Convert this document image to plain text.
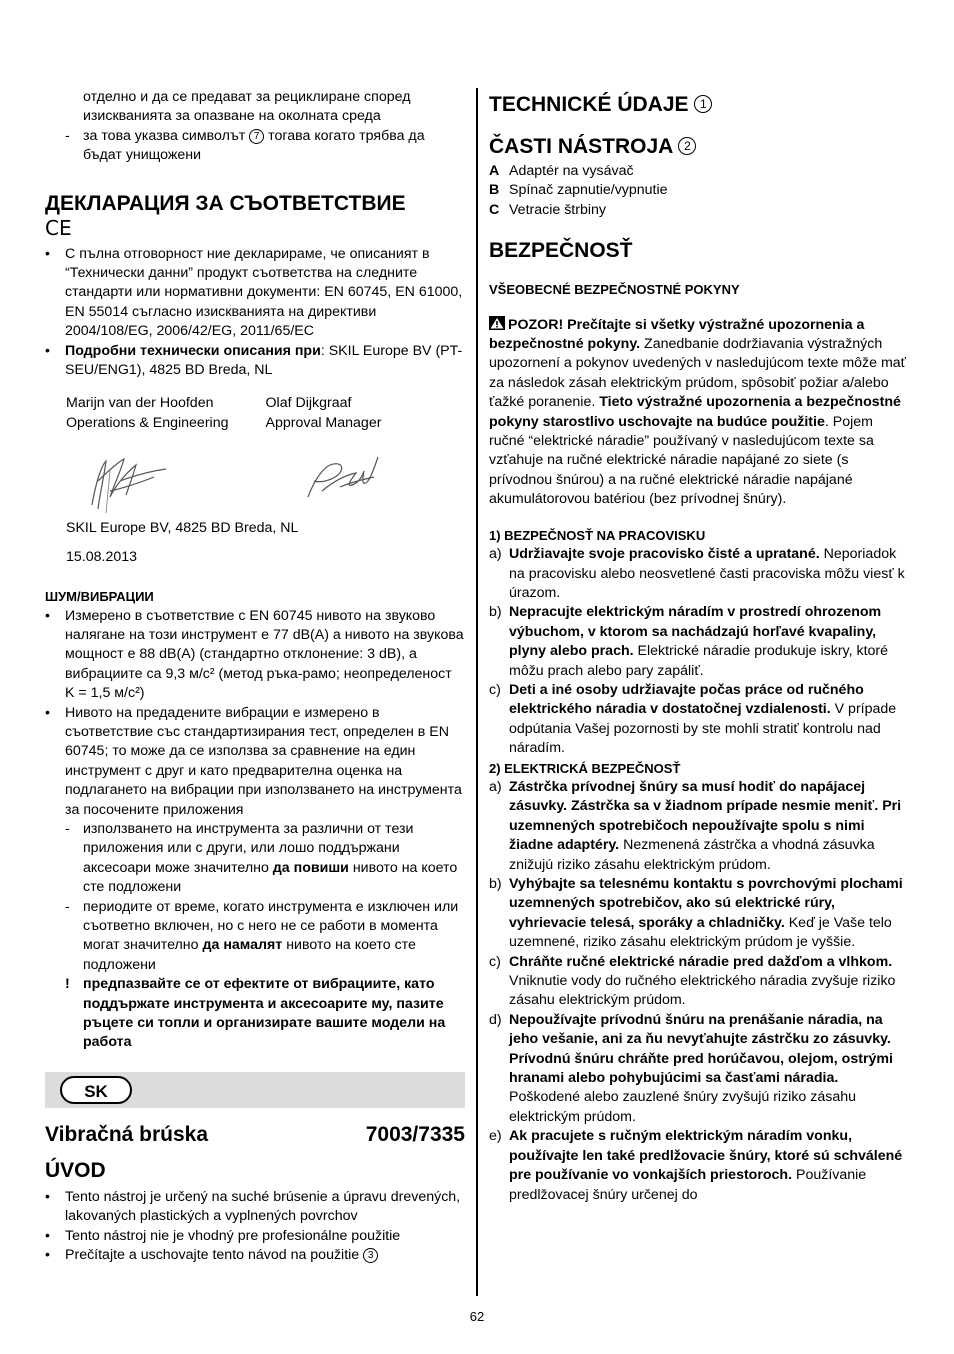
отделно и да се предават за рециклиране според изискванията за опазване на околната среда
- за това указва символът 7 тогава когато трябва да бъдат унищожени

ДЕКЛАРАЦИЯ ЗА СЪОТВЕТСТВИЕ

CE

• С пълна отговорност ние декларираме, че описаният в “Технически данни” продукт съответства на следните стандарти или нормативни документи: EN 60745, EN 61000, EN 55014 съгласно изискванията на директиви 2004/108/EG, 2006/42/EG, 2011/65/EC
• Подробни технически описания при: SKIL Europe BV (PT-SEU/ENG1), 4825 BD Breda, NL
Marijn van der Hoofden
Operations & Engineering
Olaf Dijkgraaf
Approval Manager
SKIL Europe BV, 4825 BD Breda, NL
15.08.2013

ШУМ/ВИБРАЦИИ

• Измерено в съответствие с EN 60745 нивото на звуково налягане на този инструмент е 77 dB(A) а нивото на звукова мощност е 88 dB(A) (стандартно отклонение: 3 dB), а вибрациите са 9,3 м/с² (метод ръка-рамо; неопределеност K = 1,5 м/с²)
• Нивото на предадените вибрации е измерено в съответствие със стандартизирания тест, определен в EN 60745; то може да се използва за сравнение на един инструмент с друг и като предварителна оценка на подлагането на вибрации при използването на инструмента за посочените приложения
- използването на инструмента за различни от тези приложения или с други, или лошо поддържани аксесоари може значително да повиши нивото на което сте подложени
- периодите от време, когато инструмента е изключен или съответно включен, но с него не се работи в момента могат значително да намалят нивото на което сте подложени
! предпазвайте се от ефектите от вибрациите, като поддържате инструмента и аксесоарите му, пазите ръцете си топли и организирате вашите модели на работа
SK
Vibračná brúska	7003/7335

ÚVOD

• Tento nástroj je určený na suché brúsenie a úpravu drevených, lakovaných plastických a vyplnených povrchov
• Tento nástroj nie je vhodný pre profesionálne použitie
• Prečítajte a uschovajte tento návod na použitie 3

TECHNICKÉ ÚDAJE 1

ČASTI NÁSTROJA 2

A Adaptér na vysávač
B Spínač zapnutie/vypnutie
C Vetracie štrbiny

BEZPEČNOSŤ

VŠEOBECNÉ BEZPEČNOSTNÉ POKYNY

POZOR! Prečítajte si všetky výstražné upozornenia a bezpečnostné pokyny. Zanedbanie dodržiavania výstražných upozornení a pokynov uvedených v nasledujúcom texte môže mať za následok zásah elektrickým prúdom, spôsobiť požiar a/alebo ťažké poranenie. Tieto výstražné upozornenia a bezpečnostné pokyny starostlivo uschovajte na budúce použitie. Pojem ručné “elektrické náradie” používaný v nasledujúcom texte sa vzťahuje na ručné elektrické náradie napájané zo siete (s prívodnou šnúrou) a na ručné elektrické náradie napájané akumulátorovou batériou (bez prívodnej šnúry).

1) BEZPEČNOSŤ NA PRACOVISKU

a) Udržiavajte svoje pracovisko čisté a upratané. Neporiadok na pracovisku alebo neosvetlené časti pracoviska môžu viesť k úrazom.
b) Nepracujte elektrickým náradím v prostredí ohrozenom výbuchom, v ktorom sa nachádzajú horľavé kvapaliny, plyny alebo prach. Elektrické náradie produkuje iskry, ktoré môžu prach alebo pary zapáliť.
c) Deti a iné osoby udržiavajte počas práce od ručného elektrického náradia v dostatočnej vzdialenosti. V prípade odpútania Vašej pozornosti by ste mohli stratiť kontrolu nad náradím.

2) ELEKTRICKÁ BEZPEČNOSŤ

a) Zástrčka prívodnej šnúry sa musí hodiť do napájacej zásuvky. Zástrčka sa v žiadnom prípade nesmie meniť. Pri uzemnených spotrebičoch nepoužívajte spolu s nimi žiadne adaptéry. Nezmenená zástrčka a vhodná zásuvka znižujú riziko zásahu elektrickým prúdom.
b) Vyhýbajte sa telesnému kontaktu s povrchovými plochami uzemnených spotrebičov, ako sú elektrické rúry, vyhrievacie telesá, sporáky a chladničky. Keď je Vaše telo uzemnené, riziko zásahu elektrickým prúdom je vyššie.
c) Chráňte ručné elektrické náradie pred dažďom a vlhkom. Vniknutie vody do ručného elektrického náradia zvyšuje riziko zásahu elektrickým prúdom.
d) Nepoužívajte prívodnú šnúru na prenášanie náradia, na jeho vešanie, ani za ňu nevyťahujte zástrčku zo zásuvky. Prívodnú šnúru chráňte pred horúčavou, olejom, ostrými hranami alebo pohybujúcimi sa časťami náradia. Poškodené alebo zauzlené šnúry zvyšujú riziko zásahu elektrickým prúdom.
e) Ak pracujete s ručným elektrickým náradím vonku, používajte len také predlžovacie šnúry, ktoré sú schválené pre používanie vo vonkajších priestoroch. Používanie predlžovacej šnúry určenej do
62
